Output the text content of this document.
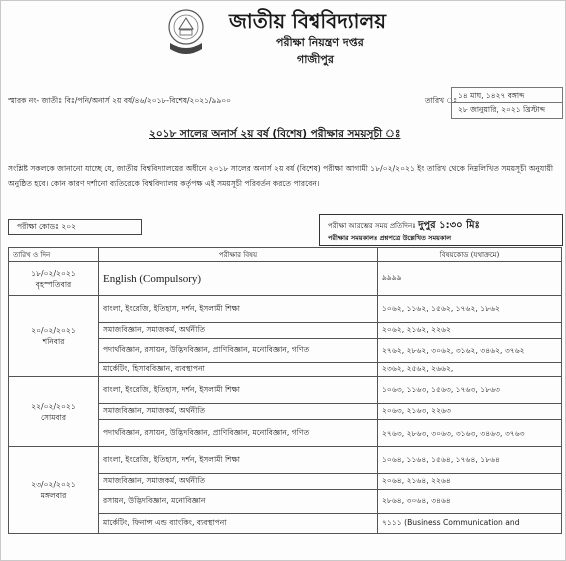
জাতীয় বিশ্ববিদ্যালয়
পরীক্ষা নিয়ন্ত্রণ দপ্তর
গাজীপুর
স্মারক নং- জাতীঃ বিঃ/পনি/অনার্স ২য় বর্ষ/৪৬/২০১৮-বিশেষ/২০২১/৯৯০০	তারিখ ঃ
১৪ মাঘ, ১৪২৭ বঙ্গাব্দ
২৮ জানুয়ারি, ২০২১ খ্রিস্টাব্দ
২০১৮ সালের অনার্স ২য় বর্ষ (বিশেষ) পরীক্ষার সময়সূচী ঃ
সংশ্লিষ্ট সকলকে জানানো যাচ্ছে যে, জাতীয় বিশ্ববিদ্যালয়ের অধীনে ২০১৮ সালের অনার্স ২য় বর্ষ (বিশেষ) পরীক্ষা আগামী ১৮/০২/২০২১ ইং তারিখ থেকে নিম্নলিখিত সময়সূচী অনুযায়ী অনুষ্ঠিত হবে। কোন কারণ দর্শানো ব্যতিরেকে বিশ্ববিদ্যালয় কর্তৃপক্ষ এই সময়সূচী পরিবর্তন করতে পারবেন।
পরীক্ষা কোডঃ ২০২	পরীক্ষা আরম্ভের সময় প্রতিদিনঃ দুপুর ১:৩০ মিঃ
পরীক্ষার সময়কালঃ প্রশ্নপত্রে উল্লেখিত সময়কাল
তারিখ ও দিন	পরীক্ষার বিষয়	বিষয়কোড (যথাক্রমে)

১৮/০২/২০২১
বৃহস্পতিবার	English (Compulsory)	৯৯৯৯

২০/০২/২০২১
শনিবার	বাংলা, ইংরেজি, ইতিহাস, দর্শন, ইসলামী শিক্ষা	১০৬২, ১১৬২, ১৫৬২, ১৭৬২, ১৮৬২
	সমাজবিজ্ঞান, সমাজকর্ম, অর্থনীতি	২০৬২, ২১৬২, ২২৬২
	পদার্থবিজ্ঞান, রসায়ন, উদ্ভিদবিজ্ঞান, প্রাণিবিজ্ঞান, মনোবিজ্ঞান, গণিত	২৭৬২, ২৮৬২, ৩০৬২, ৩১৬২, ৩৪৬২, ৩৭৬২
	মার্কেটিং, হিসাববিজ্ঞান, ব্যবস্থাপনা	২৩৬২, ২৫৬২, ২৬৬২,

২২/০২/২০২১
সোমবার	বাংলা, ইংরেজি, ইতিহাস, দর্শন, ইসলামী শিক্ষা	১০৬৩, ১১৬৩, ১৫৬৩, ১৭৬৩, ১৮৬৩
	সমাজবিজ্ঞান, সমাজকর্ম, অর্থনীতি	২০৬৩, ২১৬৩, ২২৬৩
	পদার্থবিজ্ঞান, রসায়ন, উদ্ভিদবিজ্ঞান, প্রাণিবিজ্ঞান, মনোবিজ্ঞান, গণিত	২৭৬৩, ২৮৬৩, ৩০৬৩, ৩১৬৩, ৩৪৬৩, ৩৭৬৩

২৩/০২/২০২১
মঙ্গলবার	বাংলা, ইংরেজি, ইতিহাস, দর্শন, ইসলামী শিক্ষা	১০৬৪, ১১৬৪, ১৫৬৪, ১৭৬৪, ১৮৬৪
	সমাজবিজ্ঞান, সমাজকর্ম, অর্থনীতি	২০৬৪, ২১৬৪, ২২৬৪
	রসায়ন, উদ্ভিদবিজ্ঞান, মনোবিজ্ঞান	২৮৬৪, ৩০৬৪, ৩৪৬৪
	মার্কেটিং, ফিনান্স এন্ড ব্যাংকিং, ব্যবস্থাপনা	৭১১১ (Business Communication and
